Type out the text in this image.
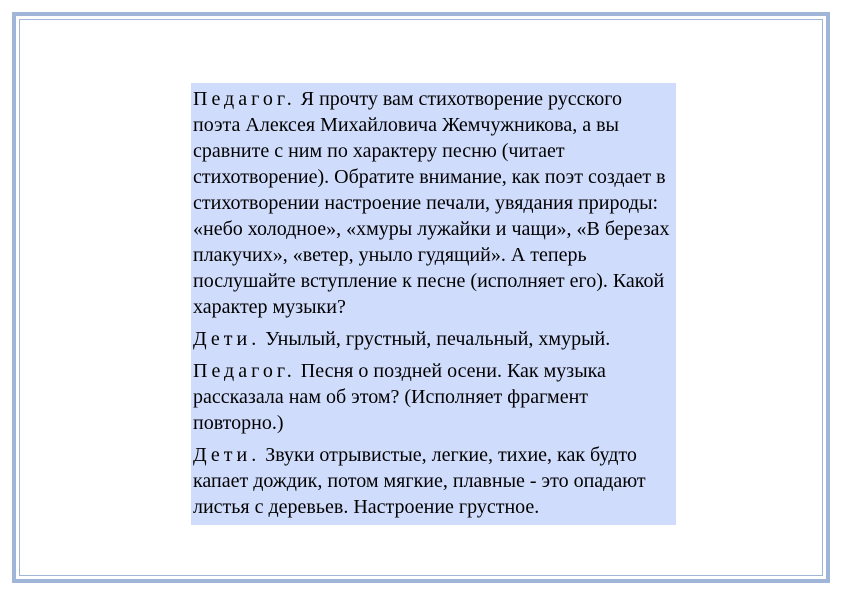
Педагог. Я прочту вам стихотворение русского поэта Алексея Михайловича Жемчужникова, а вы сравните с ним по характеру песню (читает стихотворение). Обратите внимание, как поэт создает в стихотворении настроение печали, увядания природы: «небо холодное», «хмуры лужайки и чащи», «В березах плакучих», «ветер, уныло гудящий». А теперь послушайте вступление к песне (исполняет его). Какой характер музыки?

Дети. Унылый, грустный, печальный, хмурый.

Педагог. Песня о поздней осени. Как музыка рассказала нам об этом? (Исполняет фрагмент повторно.)

Дети. Звуки отрывистые, легкие, тихие, как будто капает дождик, потом мягкие, плавные - это опадают листья с деревьев. Настроение грустное.
